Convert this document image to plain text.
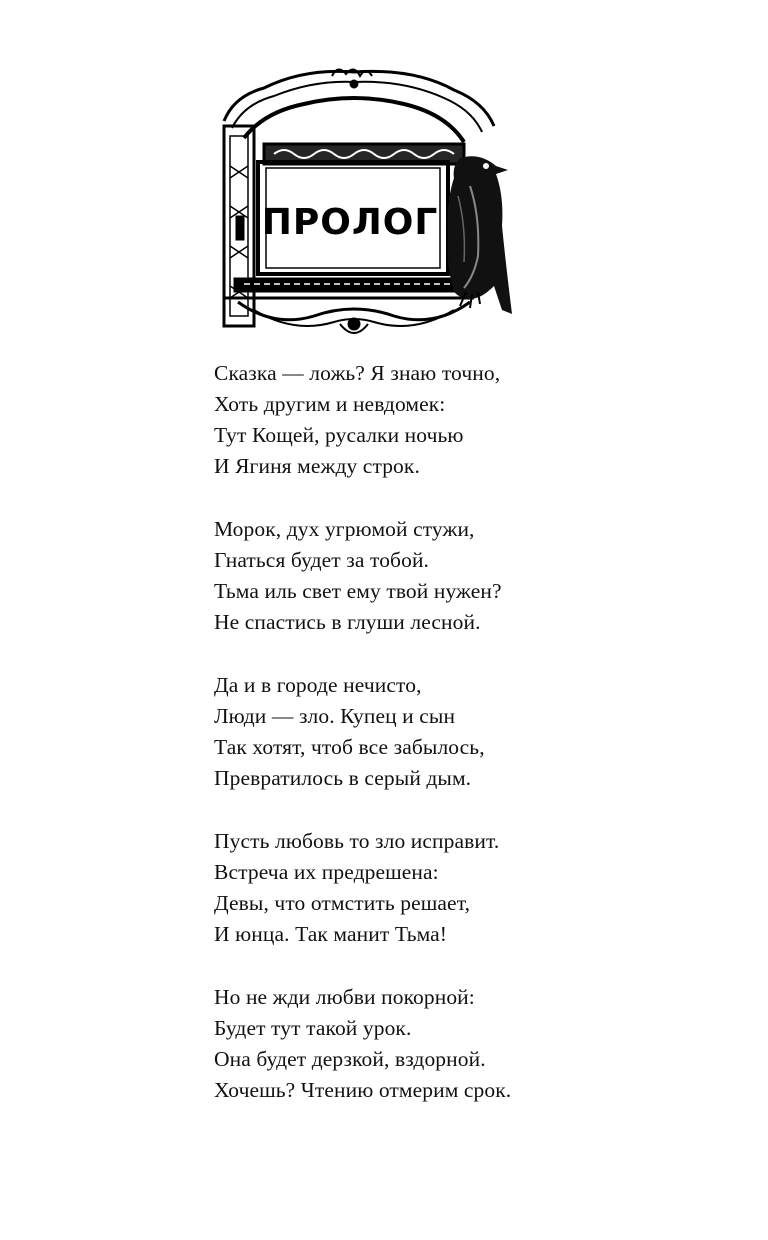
ПРОЛОГ
Сказка — ложь? Я знаю точно,
Хоть другим и невдомек:
Тут Кощей, русалки ночью
И Ягиня между строк.
Морок, дух угрюмой стужи,
Гнаться будет за тобой.
Тьма иль свет ему твой нужен?
Не спастись в глуши лесной.
Да и в городе нечисто,
Люди — зло. Купец и сын
Так хотят, чтоб все забылось,
Превратилось в серый дым.
Пусть любовь то зло исправит.
Встреча их предрешена:
Девы, что отмстить решает,
И юнца. Так манит Тьма!
Но не жди любви покорной:
Будет тут такой урок.
Она будет дерзкой, вздорной.
Хочешь? Чтению отмерим срок.
